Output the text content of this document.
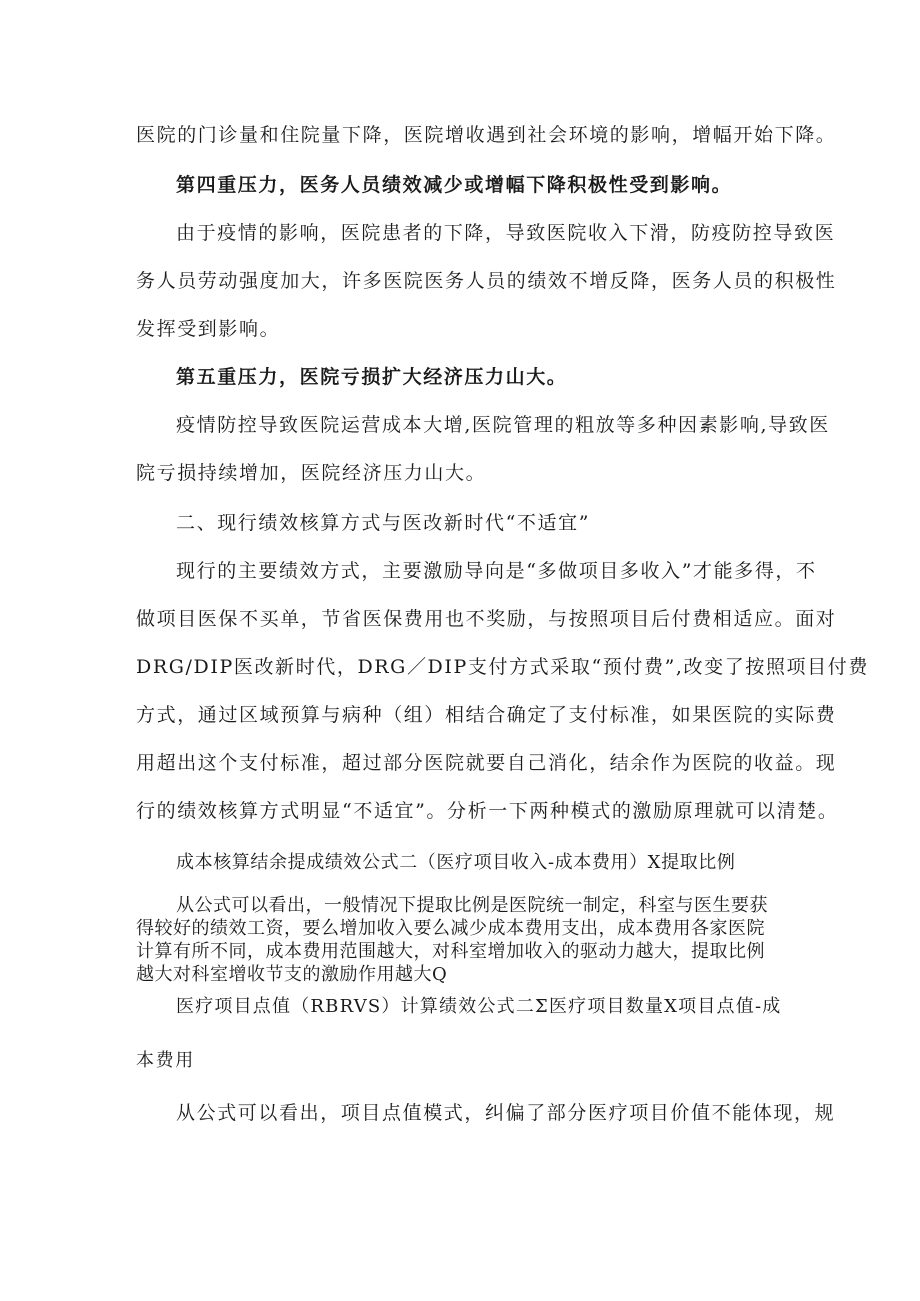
医院的门诊量和住院量下降，医院增收遇到社会环境的影响，增幅开始下降。
第四重压力，医务人员绩效减少或增幅下降积极性受到影响。
由于疫情的影响，医院患者的下降，导致医院收入下滑，防疫防控导致医
务人员劳动强度加大，许多医院医务人员的绩效不增反降，医务人员的积极性
发挥受到影响。
第五重压力，医院亏损扩大经济压力山大。
疫情防控导致医院运营成本大增,医院管理的粗放等多种因素影响,导致医
院亏损持续增加，医院经济压力山大。
二、现行绩效核算方式与医改新时代“不适宜”
现行的主要绩效方式，主要激励导向是“多做项目多收入”才能多得，不
做项目医保不买单，节省医保费用也不奖励，与按照项目后付费相适应。面对
DRG/DIP医改新时代，DRG／DIP支付方式采取“预付费”,改变了按照项目付费
方式，通过区域预算与病种（组）相结合确定了支付标准，如果医院的实际费
用超出这个支付标准，超过部分医院就要自己消化，结余作为医院的收益。现
行的绩效核算方式明显“不适宜”。分析一下两种模式的激励原理就可以清楚。
成本核算结余提成绩效公式二（医疗项目收入-成本费用）X提取比例
从公式可以看出，一般情况下提取比例是医院统一制定，科室与医生要获
得较好的绩效工资，要么增加收入要么减少成本费用支出，成本费用各家医院
计算有所不同，成本费用范围越大，对科室增加收入的驱动力越大，提取比例
越大对科室增收节支的激励作用越大Q
医疗项目点值（RBRVS）计算绩效公式二Σ医疗项目数量X项目点值-成
本费用
从公式可以看出，项目点值模式，纠偏了部分医疗项目价值不能体现，规
